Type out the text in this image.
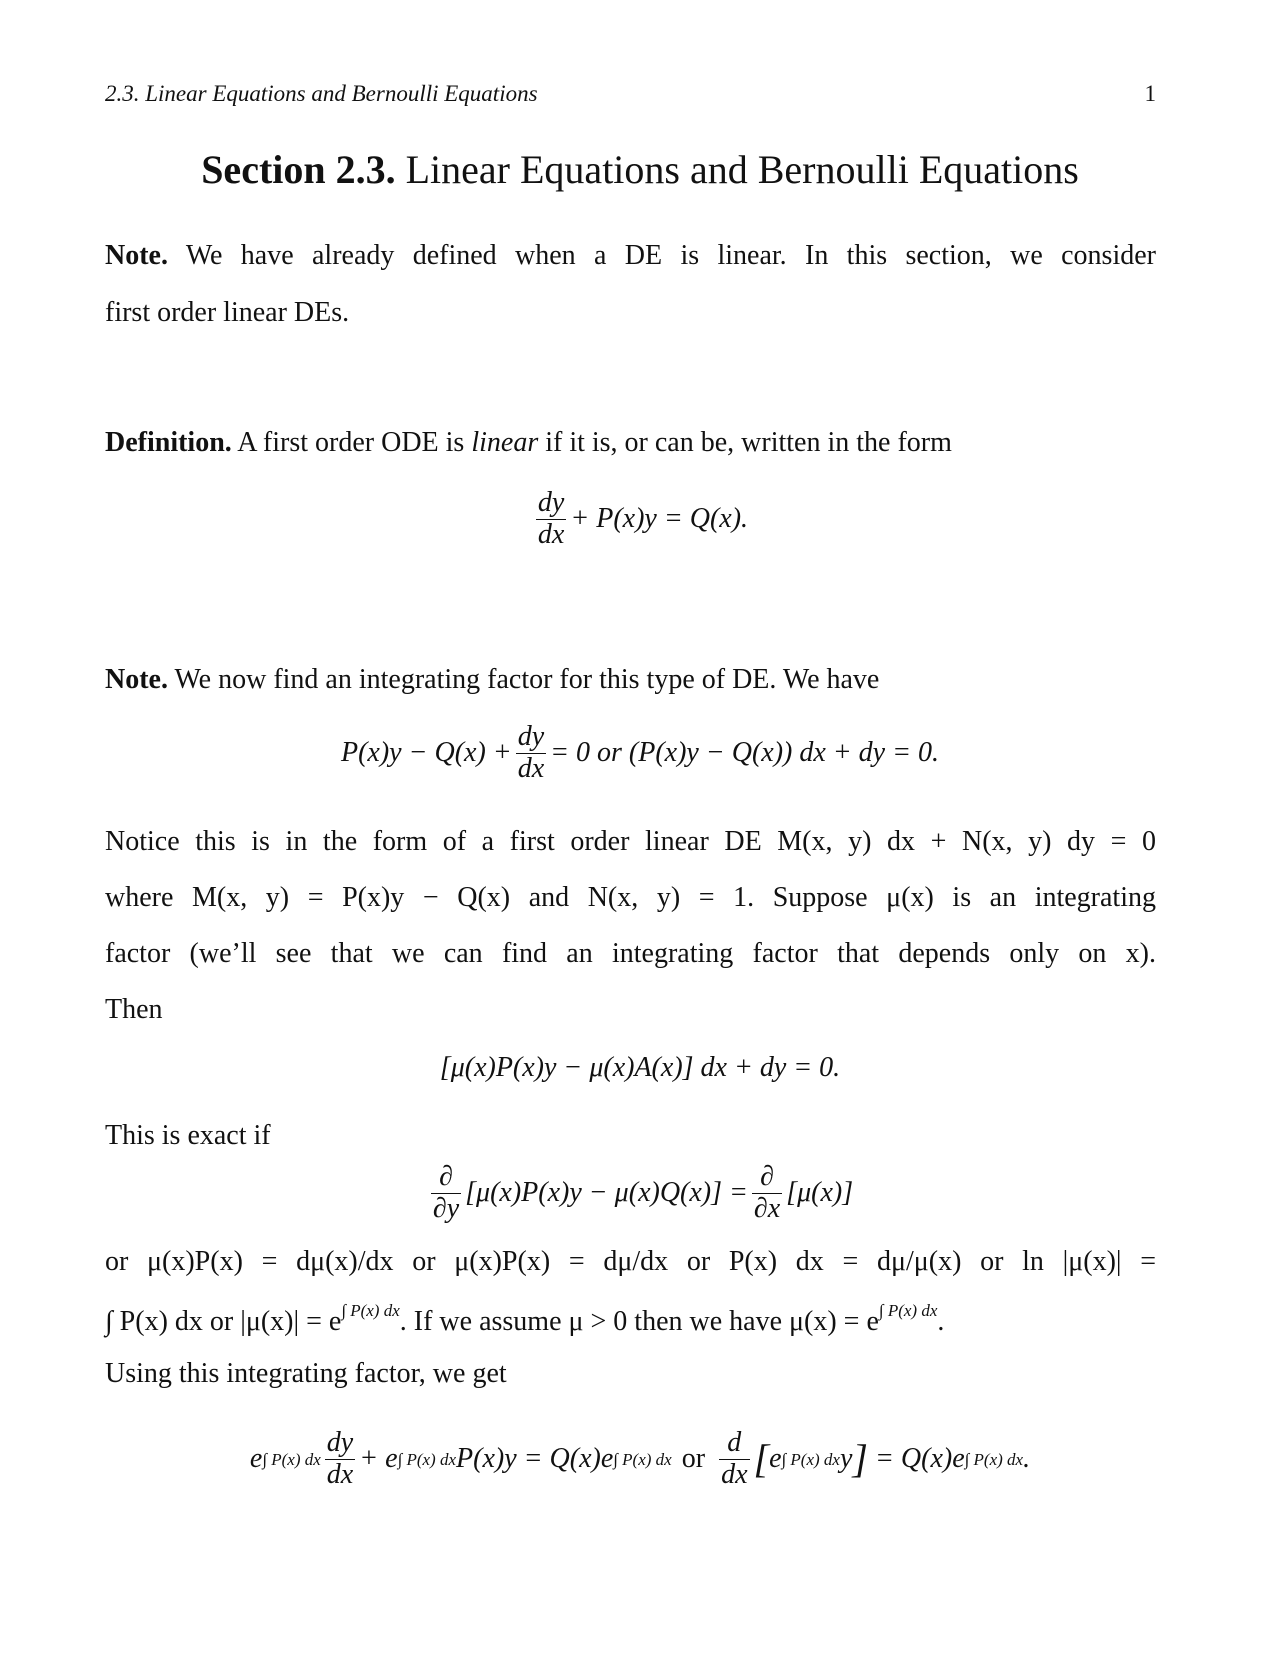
2.3. Linear Equations and Bernoulli Equations	1
Section 2.3.
Linear Equations and Bernoulli Equations
Note. We have already defined when a DE is linear. In this section, we consider
first order linear DEs.
Definition. A first order ODE is linear if it is, or can be, written in the form
$\frac{dy}{dx} + P(x)y = Q(x)$.
Note. We now find an integrating factor for this type of DE. We have
$P(x)y - Q(x) + \frac{dy}{dx} = 0$ or (P(x)y − Q(x)) dx + dy = 0.
Notice this is in the form of a first order linear DE M(x, y) dx + N(x, y) dy = 0
where M(x, y) = P(x)y − Q(x) and N(x, y) = 1. Suppose μ(x) is an integrating
factor (we’ll see that we can find an integrating factor that depends only on x).
Then
[μ(x)P(x)y − μ(x)A(x)] dx + dy = 0.
This is exact if
$\frac{\partial}{\partial y} [\mu(x)P(x)y - \mu(x)Q(x)] = \frac{\partial}{\partial x} [\mu(x)]$
or μ(x)P(x) = dμ(x)/dx or μ(x)P(x) = dμ/dx or P(x) dx = dμ/μ(x) or ln |μ(x)| =
∫ P(x) dx or $|\mu(x)| = e^{\int P(x) dx}$. If we assume μ > 0 then we have $\mu(x) = e^{\int P(x) dx}$.
Using this integrating factor, we get
e ∫ P(x) dx $\frac{dy}{dx} + e$ ∫ P(x) dx P(x)y = Q(x)e ∫ P(x) dx or $\frac{d}{dx}$ [ e ∫ P(x) dx y ]
= Q(x)e ∫ P(x) dx .
